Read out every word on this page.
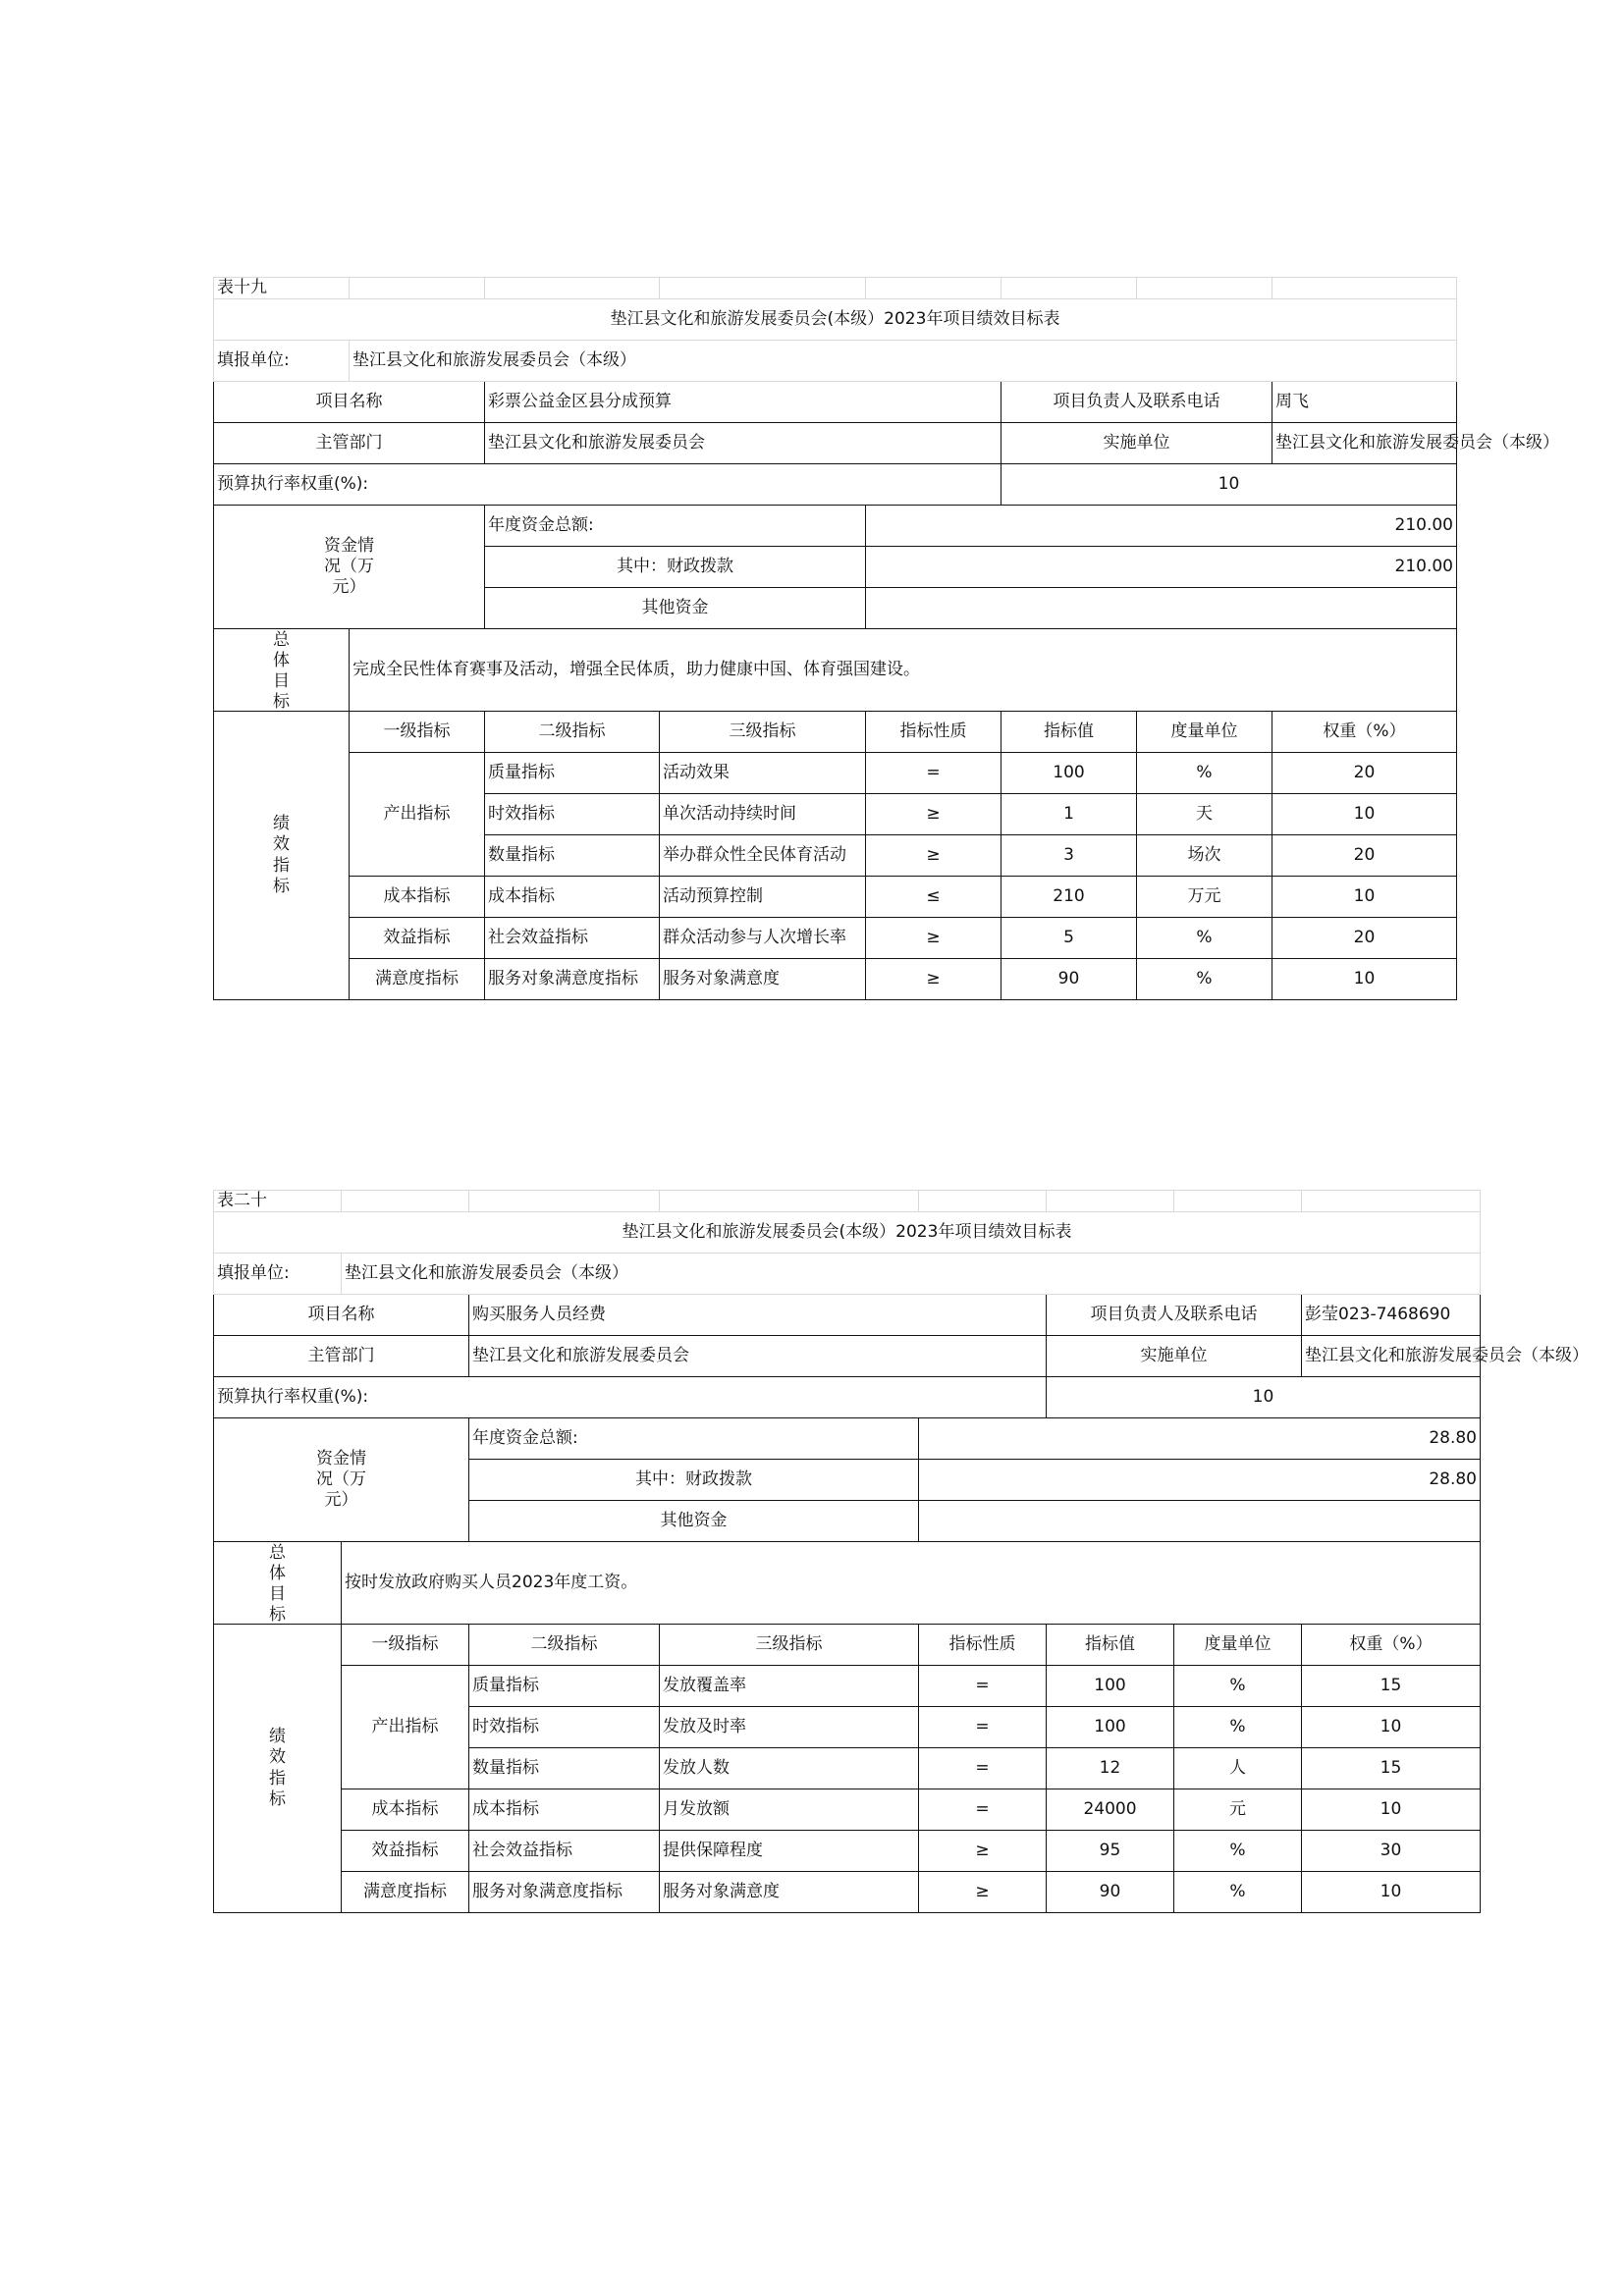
表十九							
垫江县文化和旅游发展委员会(本级）2023年项目绩效目标表							
填报单位:	垫江县文化和旅游发展委员会（本级）						
项目名称		彩票公益金区县分成预算			项目负责人及联系电话		周飞
主管部门		垫江县文化和旅游发展委员会			实施单位		垫江县文化和旅游发展委员会（本级）
预算执行率权重(%):					10		
资金情况（万元）		年度资金总额:		210.00			
		其中：财政拨款		210.00			
		其他资金					

总体目标	完成全民性体育赛事及活动，增强全民体质，助力健康中国、体育强国建设。						
绩效指标	一级指标	二级指标	三级指标	指标性质	指标值	度量单位	权重（%）
	产出指标	质量指标	活动效果	=	100	%	20
		时效指标	单次活动持续时间	≥	1	天	10
		数量指标	举办群众性全民体育活动	≥	3	场次	20
	成本指标	成本指标	活动预算控制	≤	210	万元	10
	效益指标	社会效益指标	群众活动参与人次增长率	≥	5	%	20
	满意度指标	服务对象满意度指标	服务对象满意度	≥	90	%	10
表二十							
垫江县文化和旅游发展委员会(本级）2023年项目绩效目标表							
填报单位:	垫江县文化和旅游发展委员会（本级）						
项目名称		购买服务人员经费			项目负责人及联系电话		彭莹023-7468690
主管部门		垫江县文化和旅游发展委员会			实施单位		垫江县文化和旅游发展委员会（本级）
预算执行率权重(%):					10		
资金情况（万元）		年度资金总额:		28.80			
		其中：财政拨款		28.80			
		其他资金					

总体目标	按时发放政府购买人员2023年度工资。						
绩效指标	一级指标	二级指标	三级指标	指标性质	指标值	度量单位	权重（%）
	产出指标	质量指标	发放覆盖率	=	100	%	15
		时效指标	发放及时率	=	100	%	10
		数量指标	发放人数	=	12	人	15
	成本指标	成本指标	月发放额	=	24000	元	10
	效益指标	社会效益指标	提供保障程度	≥	95	%	30
	满意度指标	服务对象满意度指标	服务对象满意度	≥	90	%	10
